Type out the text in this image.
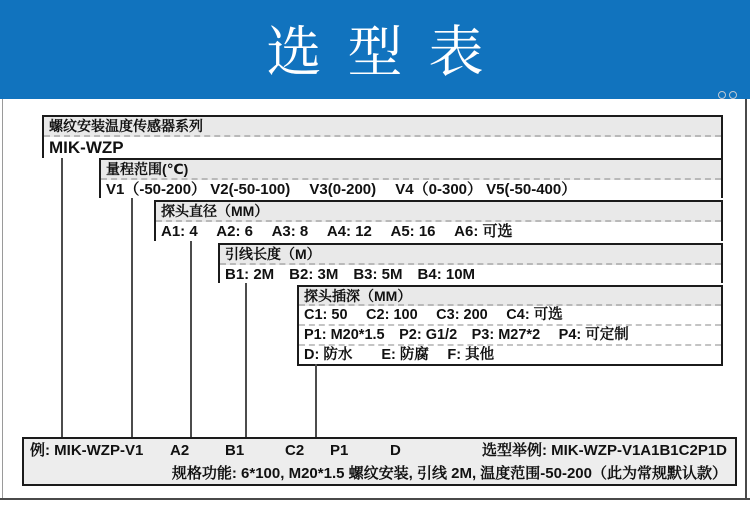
选型表
螺纹安装温度传感器系列
MIK-WZP
量程范围(℃)
V1（-50-200） V2(-50-100)　 V3(0-200)　 V4（0-300） V5(-50-400）
探头直径（MM）
A1: 4　 A2: 6　 A3: 8　 A4: 12　 A5: 16　 A6: 可选
引线长度（M）
B1: 2M　B2: 3M　B3: 5M　B4: 10M
探头插深（MM）
C1: 50　 C2: 100　 C3: 200　 C4: 可选
P1: M20*1.5　P2: G1/2　P3: M27*2　 P4: 可定制
D: 防水　　E: 防腐　 F: 其他
例: MIK-WZP-V1 A2 B1	C2 P1	D	选型举例: MIK-WZP-V1A1B1C2P1D
规格功能: 6*100, M20*1.5 螺纹安装, 引线 2M, 温度范围-50-200（此为常规默认款）
